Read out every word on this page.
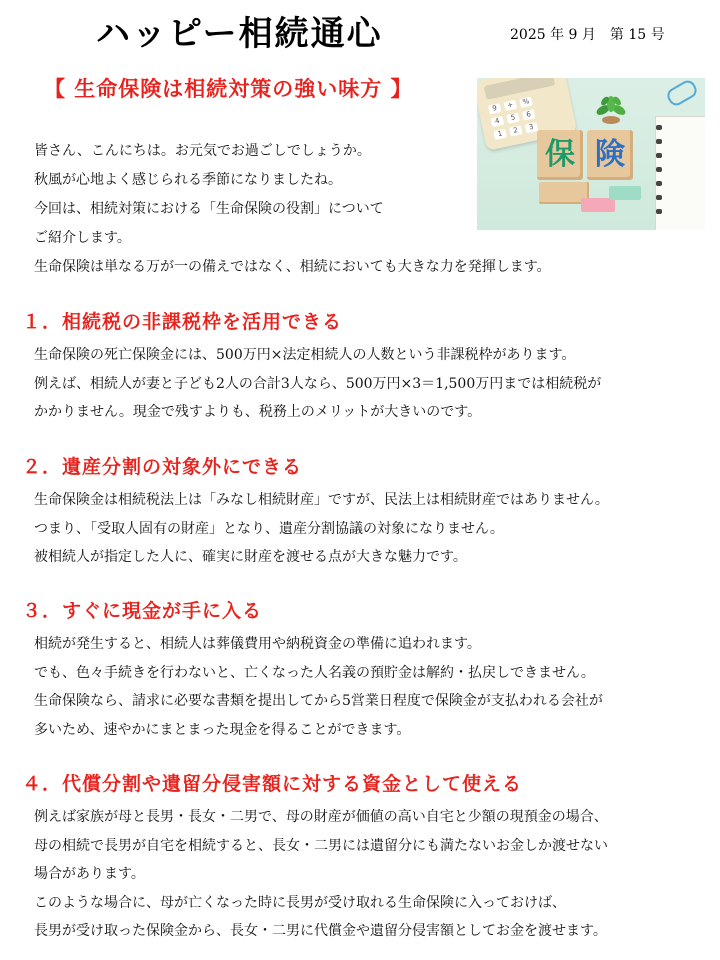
ハッピー相続通心	2025 年 9 月　第 15 号
【 生命保険は相続対策の強い味方 】
9	+	%
4	5	6
1	2	3
保 険

皆さん、こんにちは。お元気でお過ごしでしょうか。

秋風が心地よく感じられる季節になりましたね。

今回は、相続対策における「生命保険の役割」について

ご紹介します。

生命保険は単なる万が一の備えではなく、相続においても大きな力を発揮します。

１．相続税の非課税枠を活用できる

生命保険の死亡保険金には、500万円×法定相続人の人数という非課税枠があります。

例えば、相続人が妻と子ども2人の合計3人なら、500万円×3＝1,500万円までは相続税が

かかりません。現金で残すよりも、税務上のメリットが大きいのです。

２．遺産分割の対象外にできる

生命保険金は相続税法上は「みなし相続財産」ですが、民法上は相続財産ではありません。

つまり、「受取人固有の財産」となり、遺産分割協議の対象になりません。

被相続人が指定した人に、確実に財産を渡せる点が大きな魅力です。

３．すぐに現金が手に入る

相続が発生すると、相続人は葬儀費用や納税資金の準備に追われます。

でも、色々手続きを行わないと、亡くなった人名義の預貯金は解約・払戻しできません。

生命保険なら、請求に必要な書類を提出してから5営業日程度で保険金が支払われる会社が

多いため、速やかにまとまった現金を得ることができます。

４．代償分割や遺留分侵害額に対する資金として使える

例えば家族が母と長男・長女・二男で、母の財産が価値の高い自宅と少額の現預金の場合、

母の相続で長男が自宅を相続すると、長女・二男には遺留分にも満たないお金しか渡せない

場合があります。

このような場合に、母が亡くなった時に長男が受け取れる生命保険に入っておけば、

長男が受け取った保険金から、長女・二男に代償金や遺留分侵害額としてお金を渡せます。
